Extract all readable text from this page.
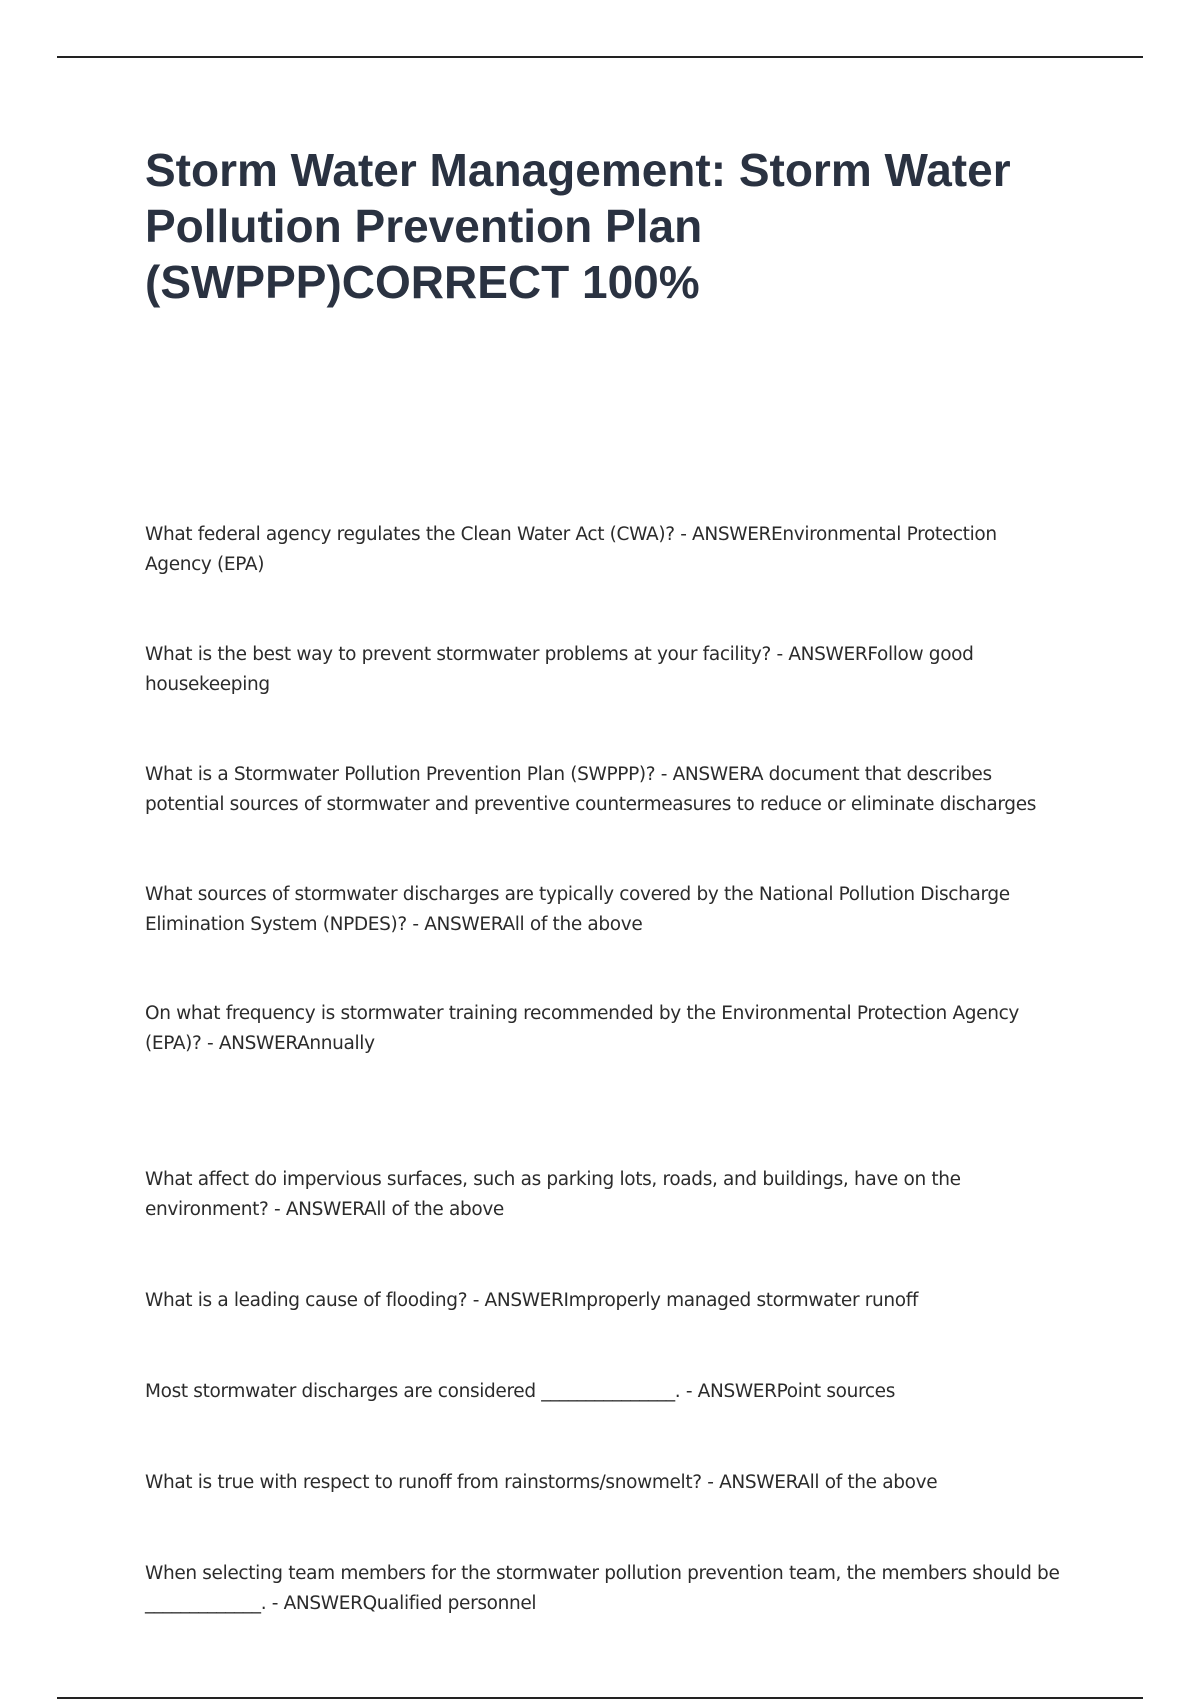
Storm Water Management: Storm Water Pollution Prevention Plan (SWPPP)CORRECT 100%
What federal agency regulates the Clean Water Act (CWA)? - ANSWEREnvironmental Protection Agency (EPA)
What is the best way to prevent stormwater problems at your facility? - ANSWERFollow good housekeeping
What is a Stormwater Pollution Prevention Plan (SWPPP)? - ANSWERA document that describes potential sources of stormwater and preventive countermeasures to reduce or eliminate discharges
What sources of stormwater discharges are typically covered by the National Pollution Discharge Elimination System (NPDES)? - ANSWERAll of the above
On what frequency is stormwater training recommended by the Environmental Protection Agency (EPA)? - ANSWERAnnually
What affect do impervious surfaces, such as parking lots, roads, and buildings, have on the environment? - ANSWERAll of the above
What is a leading cause of flooding? - ANSWERImproperly managed stormwater runoff
Most stormwater discharges are considered _______________. - ANSWERPoint sources
What is true with respect to runoff from rainstorms/snowmelt? - ANSWERAll of the above
When selecting team members for the stormwater pollution prevention team, the members should be _____________. - ANSWERQualified personnel
